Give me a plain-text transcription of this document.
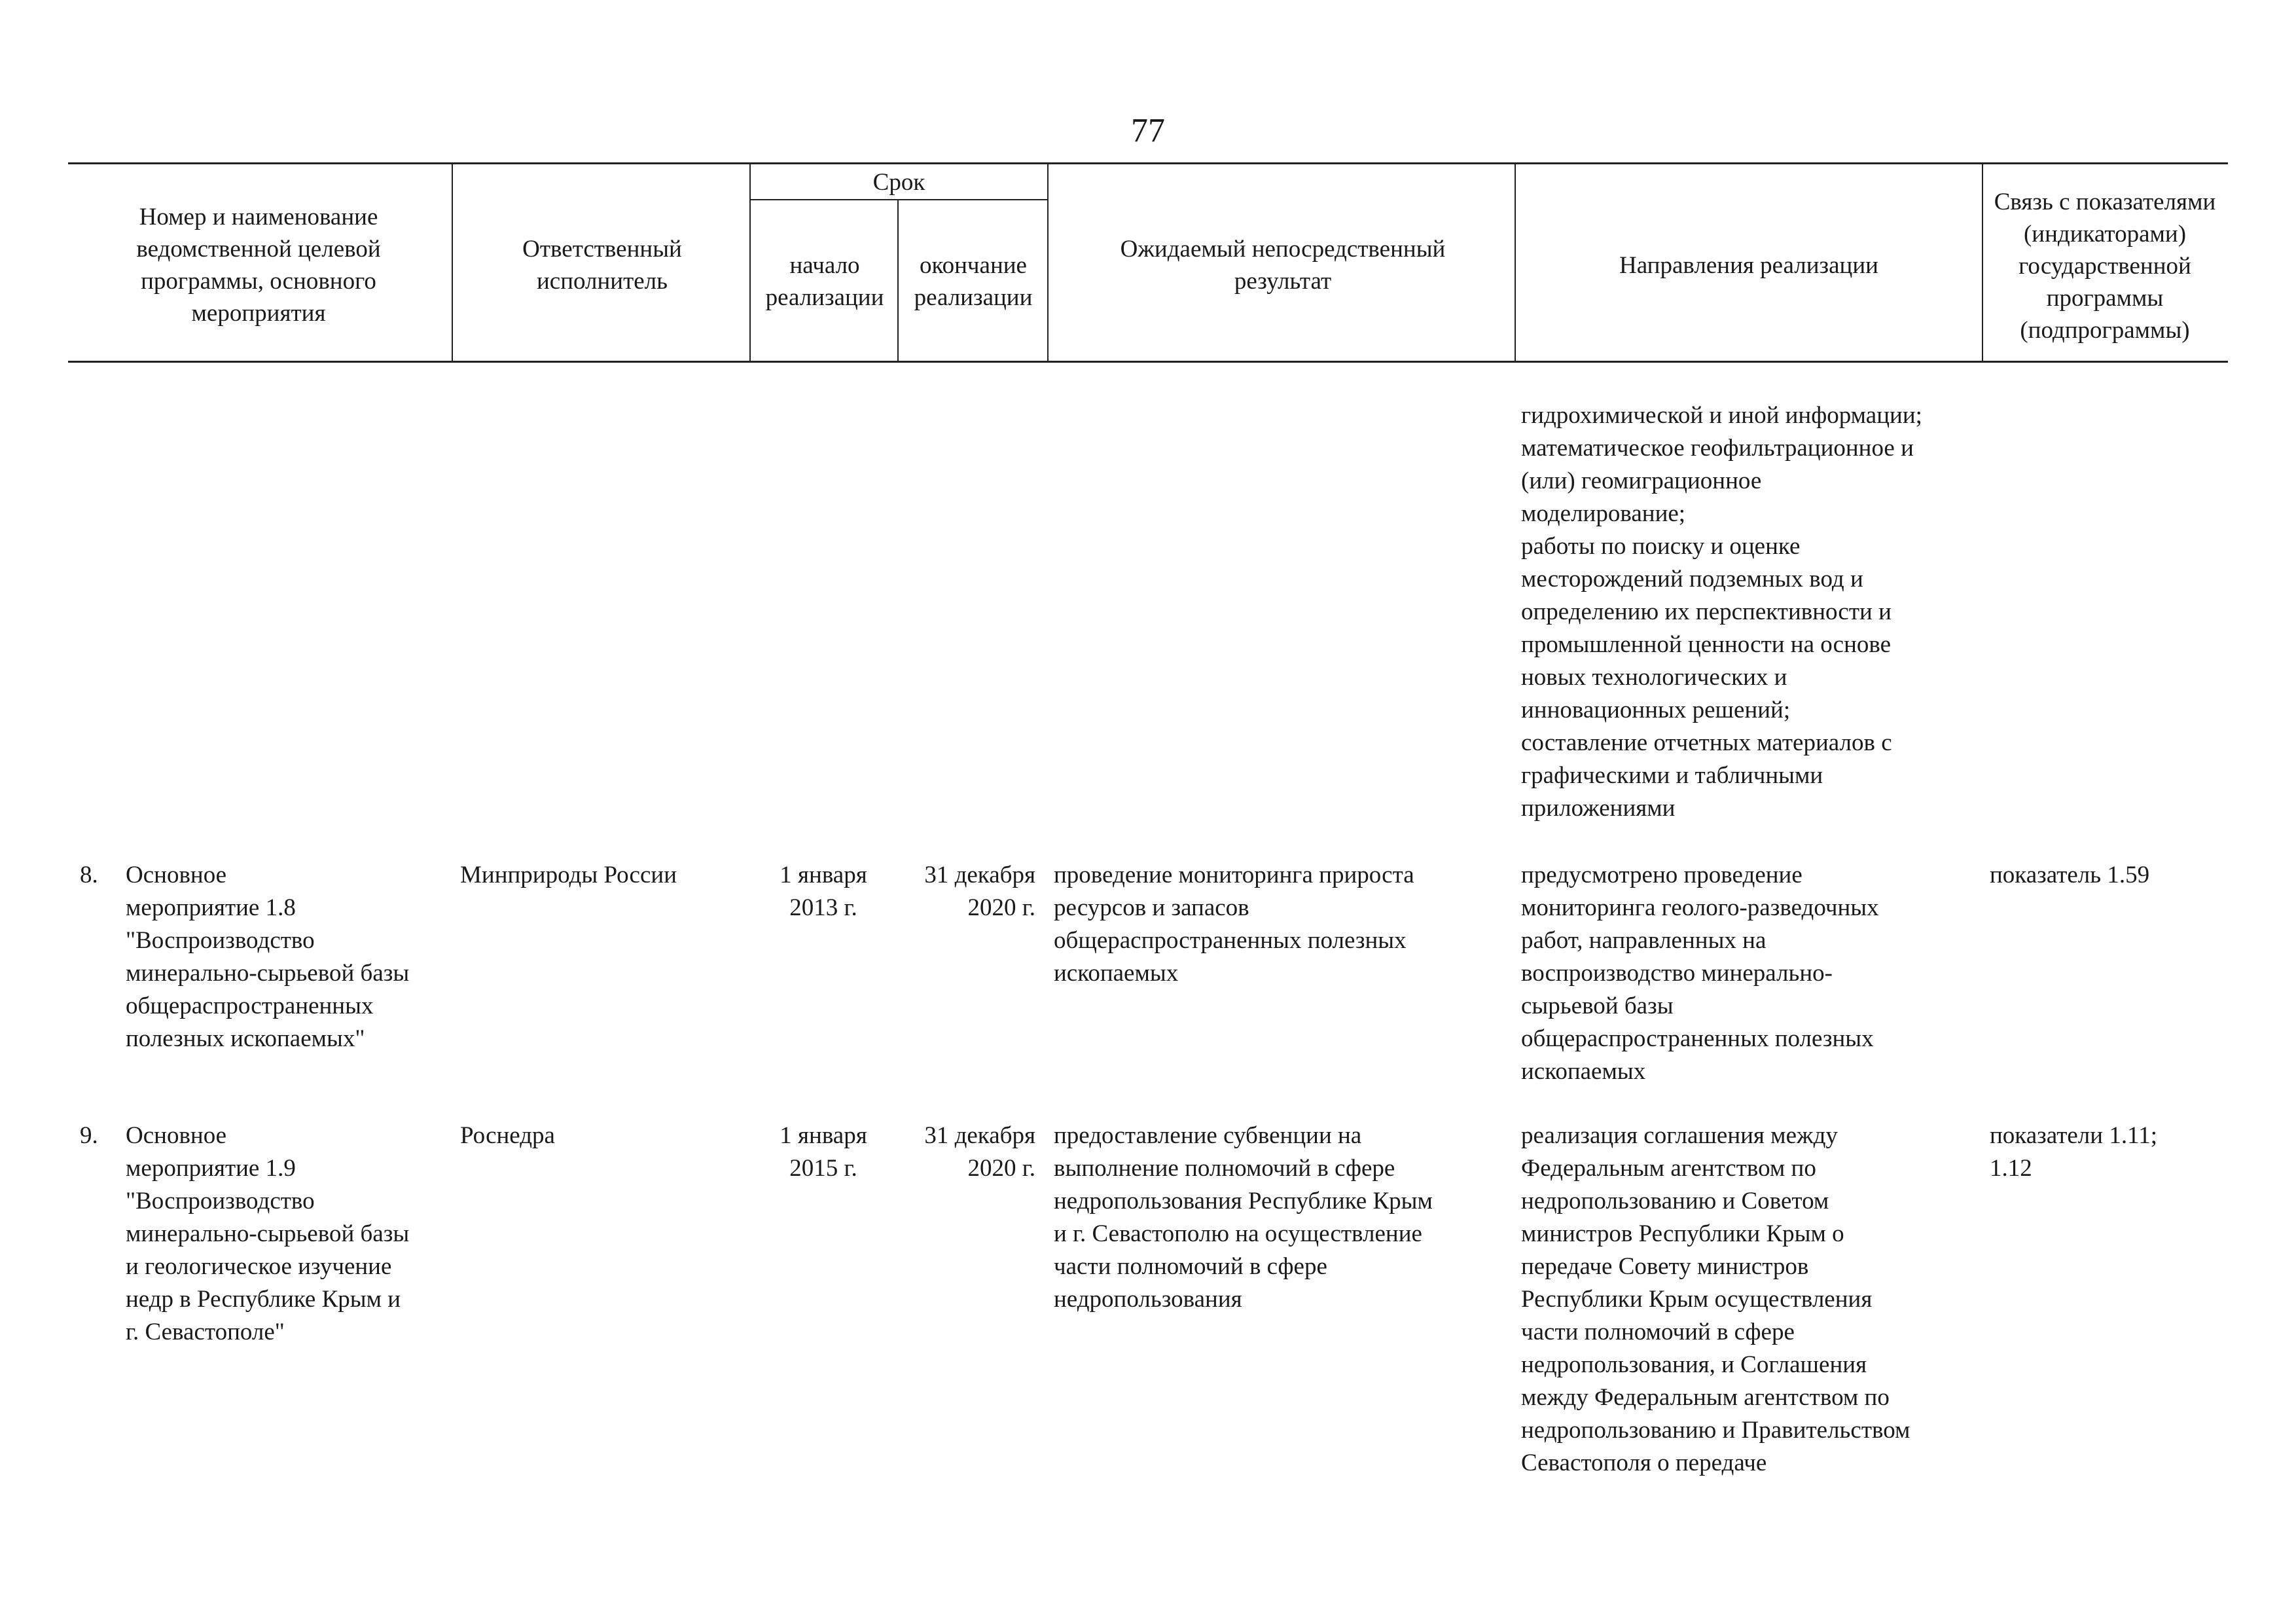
77
Номер и наименование ведомственной целевой программы, основного мероприятия
Ответственный исполнитель
Срок
начало реализации
окончание реализации
Ожидаемый непосредственный результат
Направления реализации
Связь с показателями (индикаторами) государственной программы (подпрограммы)
гидрохимической и иной информации;
математическое геофильтрационное и
(или) геомиграционное
моделирование;
работы по поиску и оценке
месторождений подземных вод и
определению их перспективности и
промышленной ценности на основе
новых технологических и
инновационных решений;
составление отчетных материалов с
графическими и табличными
приложениями
8. Основное
мероприятие 1.8
"Воспроизводство
минерально-сырьевой базы
общераспространенных
полезных ископаемых"
Минприроды России	1 января
2013 г.
31 декабря
2020 г.
проведение мониторинга прироста
ресурсов и запасов
общераспространенных полезных
ископаемых
предусмотрено проведение
мониторинга геолого-разведочных
работ, направленных на
воспроизводство минерально-
сырьевой базы
общераспространенных полезных
ископаемых
показатель 1.59
9. Основное
мероприятие 1.9
"Воспроизводство
минерально-сырьевой базы
и геологическое изучение
недр в Республике Крым и
г. Севастополе"
Роснедра	1 января
2015 г.
31 декабря
2020 г.
предоставление субвенции на
выполнение полномочий в сфере
недропользования Республике Крым
и г. Севастополю на осуществление
части полномочий в сфере
недропользования
реализация соглашения между
Федеральным агентством по
недропользованию и Советом
министров Республики Крым о
передаче Совету министров
Республики Крым осуществления
части полномочий в сфере
недропользования, и Соглашения
между Федеральным агентством по
недропользованию и Правительством
Севастополя о передаче
показатели 1.11;
1.12
